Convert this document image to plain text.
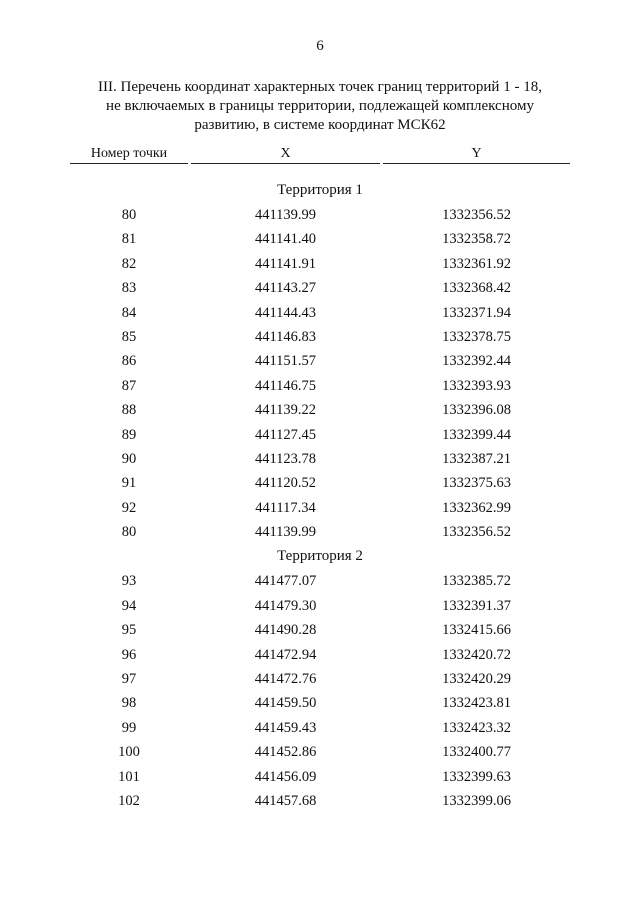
6
III. Перечень координат характерных точек границ территорий 1 - 18,
не включаемых в границы территории, подлежащей комплексному
развитию, в системе координат МСК62
Номер точки	X	Y
Территория 1
80	441139.99	1332356.52
81	441141.40	1332358.72
82	441141.91	1332361.92
83	441143.27	1332368.42
84	441144.43	1332371.94
85	441146.83	1332378.75
86	441151.57	1332392.44
87	441146.75	1332393.93
88	441139.22	1332396.08
89	441127.45	1332399.44
90	441123.78	1332387.21
91	441120.52	1332375.63
92	441117.34	1332362.99
80	441139.99	1332356.52
Территория 2
93	441477.07	1332385.72
94	441479.30	1332391.37
95	441490.28	1332415.66
96	441472.94	1332420.72
97	441472.76	1332420.29
98	441459.50	1332423.81
99	441459.43	1332423.32
100	441452.86	1332400.77
101	441456.09	1332399.63
102	441457.68	1332399.06
